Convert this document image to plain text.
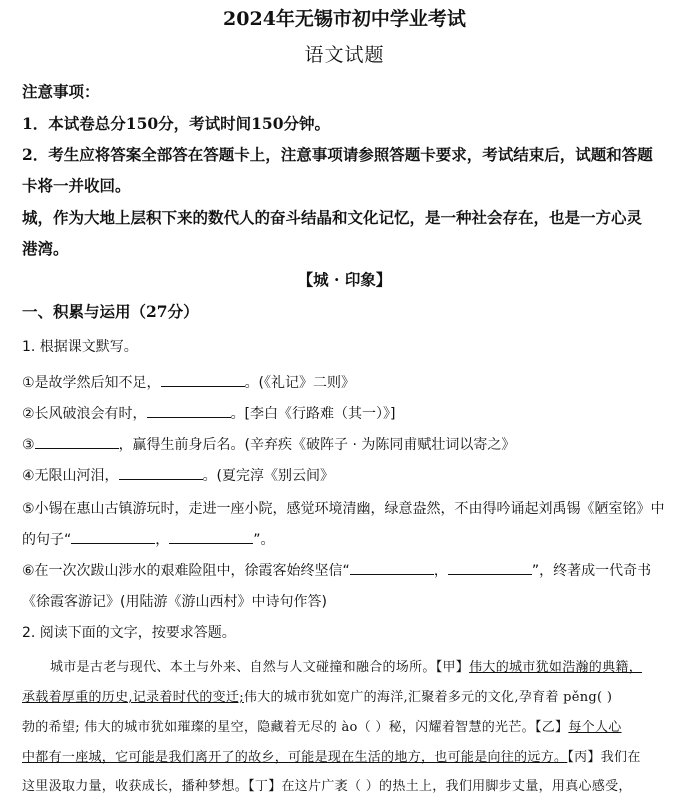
2024年无锡市初中学业考试
语文试题
注意事项：
1．本试卷总分150分，考试时间150分钟。
2．考生应将答案全部答在答题卡上，注意事项请参照答题卡要求，考试结束后，试题和答题
卡将一并收回。
城，作为大地上层积下来的数代人的奋斗结晶和文化记忆，是一种社会存在，也是一方心灵
港湾。
【城 · 印象】
一、积累与运用（27分）
1. 根据课文默写。
①是故学然后知不足，	。(《礼记》二则》
②长风破浪会有时，	。[李白《行路难（其一）》]
③	，赢得生前身后名。(辛弃疾《破阵子 · 为陈同甫赋壮词以寄之》
④无限山河泪，	。(夏完淳《别云间》
⑤小锡在惠山古镇游玩时，走进一座小院，感觉环境清幽，绿意盎然，不由得吟诵起刘禹锡《陋室铭》中
的句子“	，	”。
⑥在一次次跋山涉水的艰难险阻中，徐霞客始终坚信“	，	”，终著成一代奇书
《徐霞客游记》(用陆游《游山西村》中诗句作答)
2. 阅读下面的文字，按要求答题。
城市是古老与现代、本土与外来、自然与人文碰撞和融合的场所。【甲】伟大的城市犹如浩瀚的典籍，
承载着厚重的历史,记录着时代的变迁;伟大的城市犹如宽广的海洋,汇聚着多元的文化,孕育着 pěng( )
勃的希望; 伟大的城市犹如璀璨的星空，隐藏着无尽的 ào（ ）秘，闪耀着智慧的光芒。【乙】每个人心
中都有一座城，它可能是我们离开了的故乡，可能是现在生活的地方，也可能是向往的远方。【丙】我们在
这里汲取力量，收获成长，播种梦想。【丁】在这片广袤（ ）的热土上，我们用脚步丈量，用真心感受，
